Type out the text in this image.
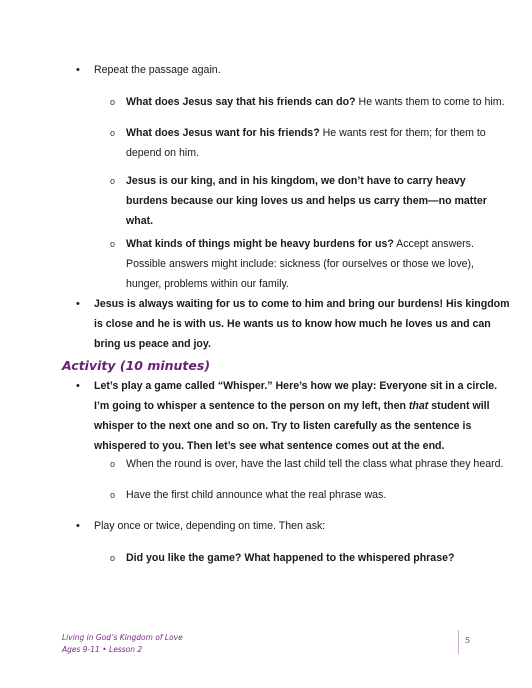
•	Repeat the passage again.
o	What does Jesus say that his friends can do? He wants them to come to him.
o	What does Jesus want for his friends? He wants rest for them; for them to
depend on him.
o	Jesus is our king, and in his kingdom, we don’t have to carry heavy
burdens because our king loves us and helps us carry them—no matter
what.
o	What kinds of things might be heavy burdens for us? Accept answers.
Possible answers might include: sickness (for ourselves or those we love),
hunger, problems within our family.
•	Jesus is always waiting for us to come to him and bring our burdens! His kingdom
is close and he is with us. He wants us to know how much he loves us and can
bring us peace and joy.
Activity (10 minutes)
•	Let’s play a game called “Whisper.” Here’s how we play: Everyone sit in a circle.
I’m going to whisper a sentence to the person on my left, then that student will
whisper to the next one and so on. Try to listen carefully as the sentence is
whispered to you. Then let’s see what sentence comes out at the end.
o	When the round is over, have the last child tell the class what phrase they heard.
o	Have the first child announce what the real phrase was.
•	Play once or twice, depending on time. Then ask:
o	Did you like the game? What happened to the whispered phrase?
Living in God’s Kingdom of Love
Ages 9-11 • Lesson 2
5
